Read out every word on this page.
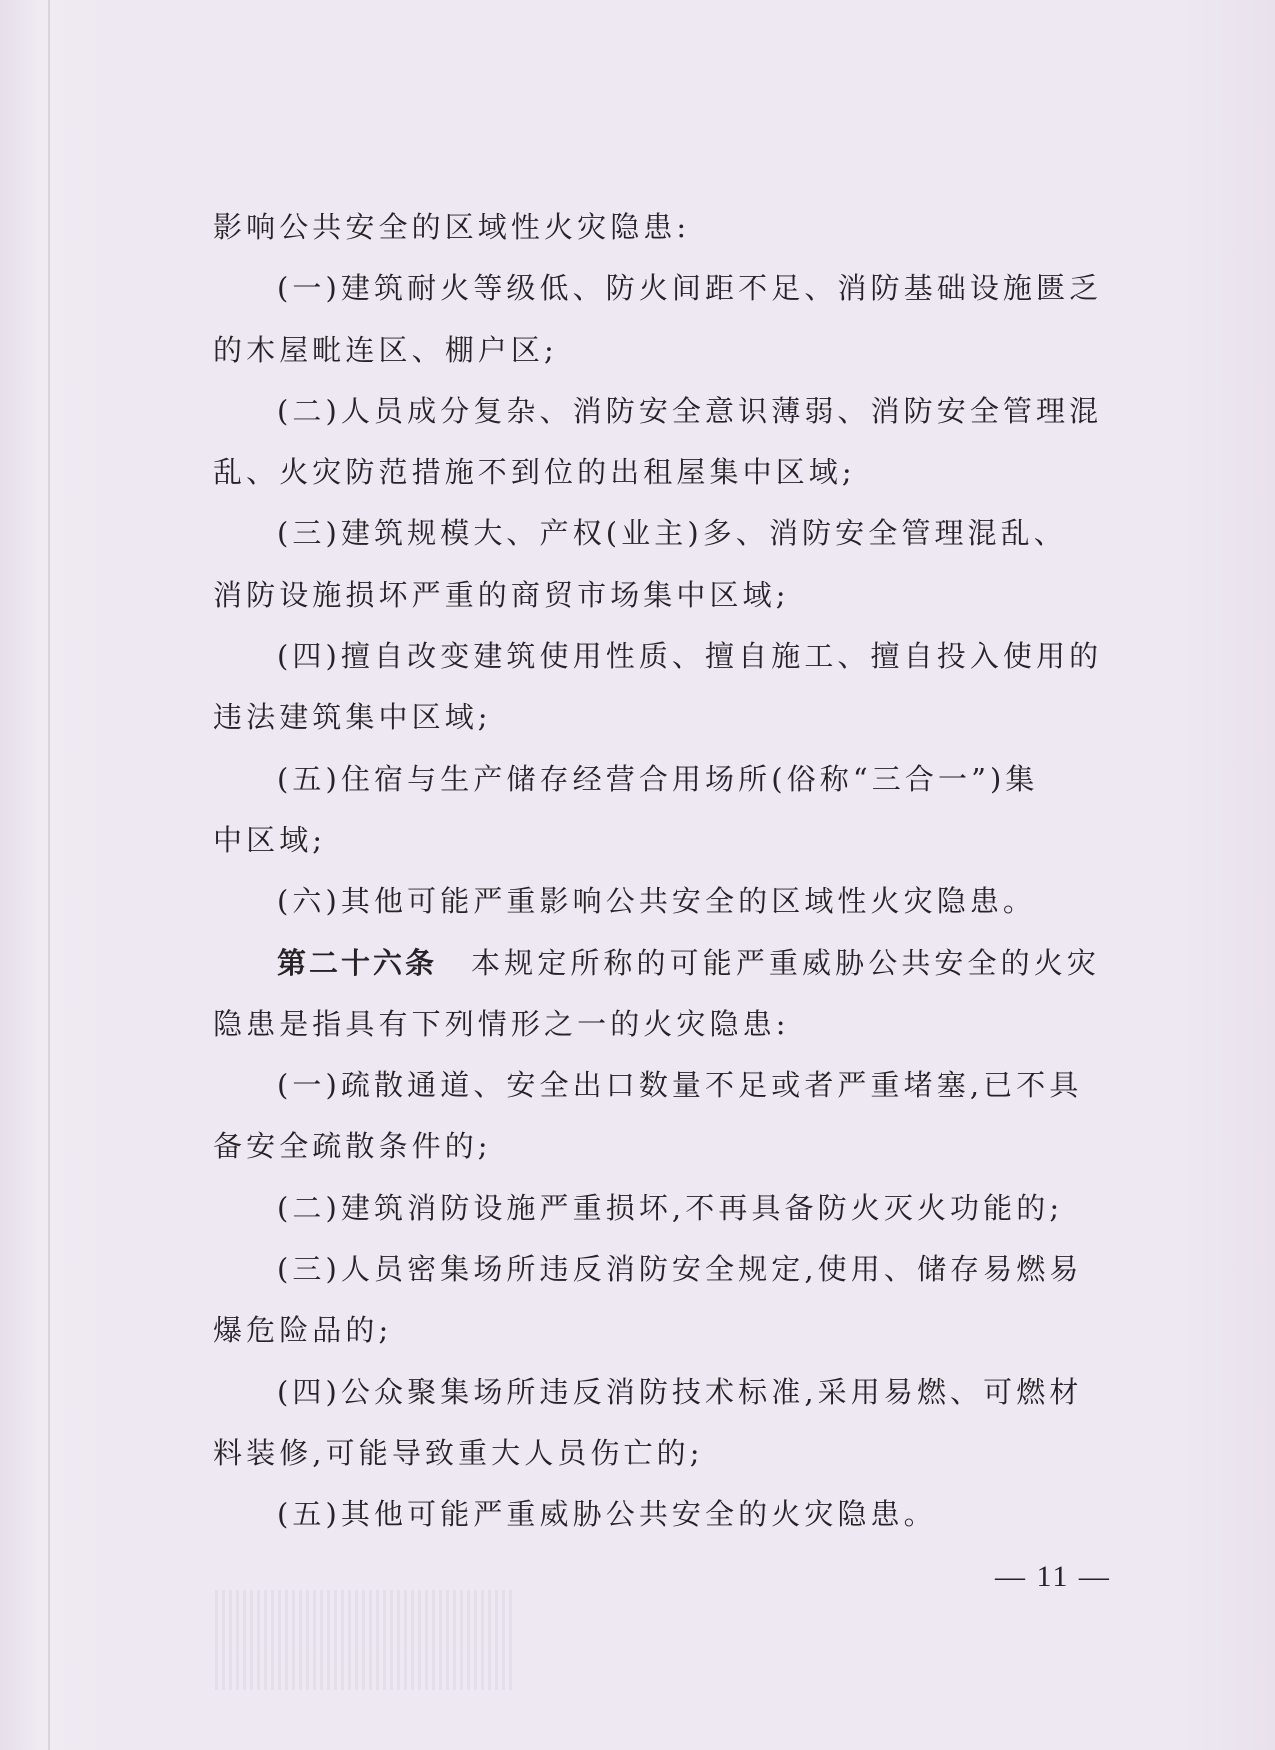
影响公共安全的区域性火灾隐患:
(一)建筑耐火等级低、防火间距不足、消防基础设施匮乏
的木屋毗连区、棚户区;
(二)人员成分复杂、消防安全意识薄弱、消防安全管理混
乱、火灾防范措施不到位的出租屋集中区域;
(三)建筑规模大、产权(业主)多、消防安全管理混乱、
消防设施损坏严重的商贸市场集中区域;
(四)擅自改变建筑使用性质、擅自施工、擅自投入使用的
违法建筑集中区域;
(五)住宿与生产储存经营合用场所(俗称“三合一”)集
中区域;
(六)其他可能严重影响公共安全的区域性火灾隐患。
第二十六条 本规定所称的可能严重威胁公共安全的火灾
隐患是指具有下列情形之一的火灾隐患:
(一)疏散通道、安全出口数量不足或者严重堵塞,已不具
备安全疏散条件的;
(二)建筑消防设施严重损坏,不再具备防火灭火功能的;
(三)人员密集场所违反消防安全规定,使用、储存易燃易
爆危险品的;
(四)公众聚集场所违反消防技术标准,采用易燃、可燃材
料装修,可能导致重大人员伤亡的;
(五)其他可能严重威胁公共安全的火灾隐患。
— 11 —
